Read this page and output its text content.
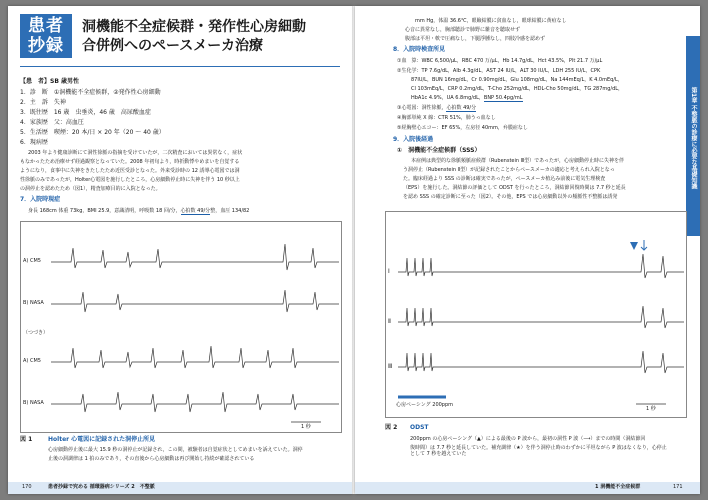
患者
抄録
洞機能不全症候群・発作性心房細動
合併例へのペースメーカ治療
【患　者】SB 歳男性
1．診　断　①洞機能不全症候群，②発作性心房細動
2．主　訴　失神
3．既往歴　16 歳　虫垂炎，46 歳　高尿酸血症
4．家族歴　父：高血圧
5．生活歴　喫煙：20 本/日 × 20 年（20 ～ 40 歳）
6．現病歴
2003 年より健康診断にて洞性徐脈の指摘を受けていたが，二次精査においては異常なく，症状
もなかったため治療せず経過観察となっていた。2008 年初旬より，時折動悸やめまいを自覚する
ようになり，食事中に失神をきたしたため近医受診となった。外来受診時の 12 誘導心電図では洞
性徐脈のみであったが，Holter心電図を施行したところ，心房細動停止時に失神を伴う 10 秒以上
の洞停止を認めたため（図1），精査加療目的に入院となった。
7．入院時現症
身長 168cm 体重 73kg，BMI 25.9，意識清明，呼吸数 18 回/分，心拍数 49/分整，血圧 134/82
A) CM5
B) NASA
（つづき）
A) CM5
B) NASA
1 秒
図 1	Holter 心電図に記録された洞停止所見
心房細動停止後に最大 15.9 秒の洞停止が記録され，この間，被験者は自覚症状としてめまいを訴えていた。洞停
止後の洞調律は 1 拍のみであり，その直後から心房細動は再び開始し持続が確認されている
170	患者抄録で究める 循環器病シリーズ 2　不整脈
第1章 不整脈の診療に必要な基礎知識
mm Hg，体温 36.6℃，眼瞼結膜に貧血なし，眼球結膜に黄疸なし
心音に異常なし，胸部聴診で肺野に雑音を聴取せず
腹部は平坦・軟で圧痛なし，下腿浮腫なし，四肢冷感を認めず
8．入院時検査所見
①血　算：WBC 6,500/μL，RBC 470 万/μL，Hb 14.7g/dL，Hct 43.5%，Plt 21.7 万/μL
②生化学：TP 7.6g/dL，Alb 4.3g/dL，AST 24 IU/L，ALT 30 IU/L，LDH 255 IU/L，CPK
87IU/L，BUN 16mg/dL，Cr 0.90mg/dL，Glu 108mg/dL，Na 144mEq/L，K 4.0mEq/L，
Cl 103mEq/L，CRP 0.2mg/dL，T-Cho 252mg/dL，HDL-Cho 50mg/dL，TG 287mg/dL，
HbA1c 4.9%，UA 6.8mg/dL，BNP 50.4pg/mL
③心電図：洞性徐脈，心拍数 49/分
④胸部単純 X 線：CTR 51%，肺うっ血なし
⑤経胸壁心エコー：EF 65%，左房径 40mm，弁膜症なし
9．入院後経過
①　洞機能不全症候群（SSS）
本症例は典型的な徐脈頻脈症候群（Rubenstein Ⅲ型）であったが，心房細動停止時に失神を伴
う洞停止（Rubenstein Ⅱ型）が記録されたことからペースメーカの適応と考えられ入院となっ
た。臨床経過より SSS の診断は確実であったが，ペースメーカ植込み前後に電気生理検査
（EPS）を施行した。洞結節の評価として ODST を行ったところ，洞結節回復時間は 7.7 秒と延長
を認め SSS の確定診断に至った（図2）。その他，EPS では心房細動以外の頻脈性不整脈は誘発
Ⅰ
Ⅱ
Ⅲ
心房ペーシング 200ppm
1 秒
図 2 ODST
200ppm の心房ペーシング（▲）による最後の P 波から，最初の洞性 P 波（⟶）までの時間（洞結節回
復時間）は 7.7 秒と延長していた。補充調律（★）を伴う洞停止時のわずかに平坦ながら P 波はなくなり，心停止として 7 秒を越えていた
1 洞機能不全症候群	171
